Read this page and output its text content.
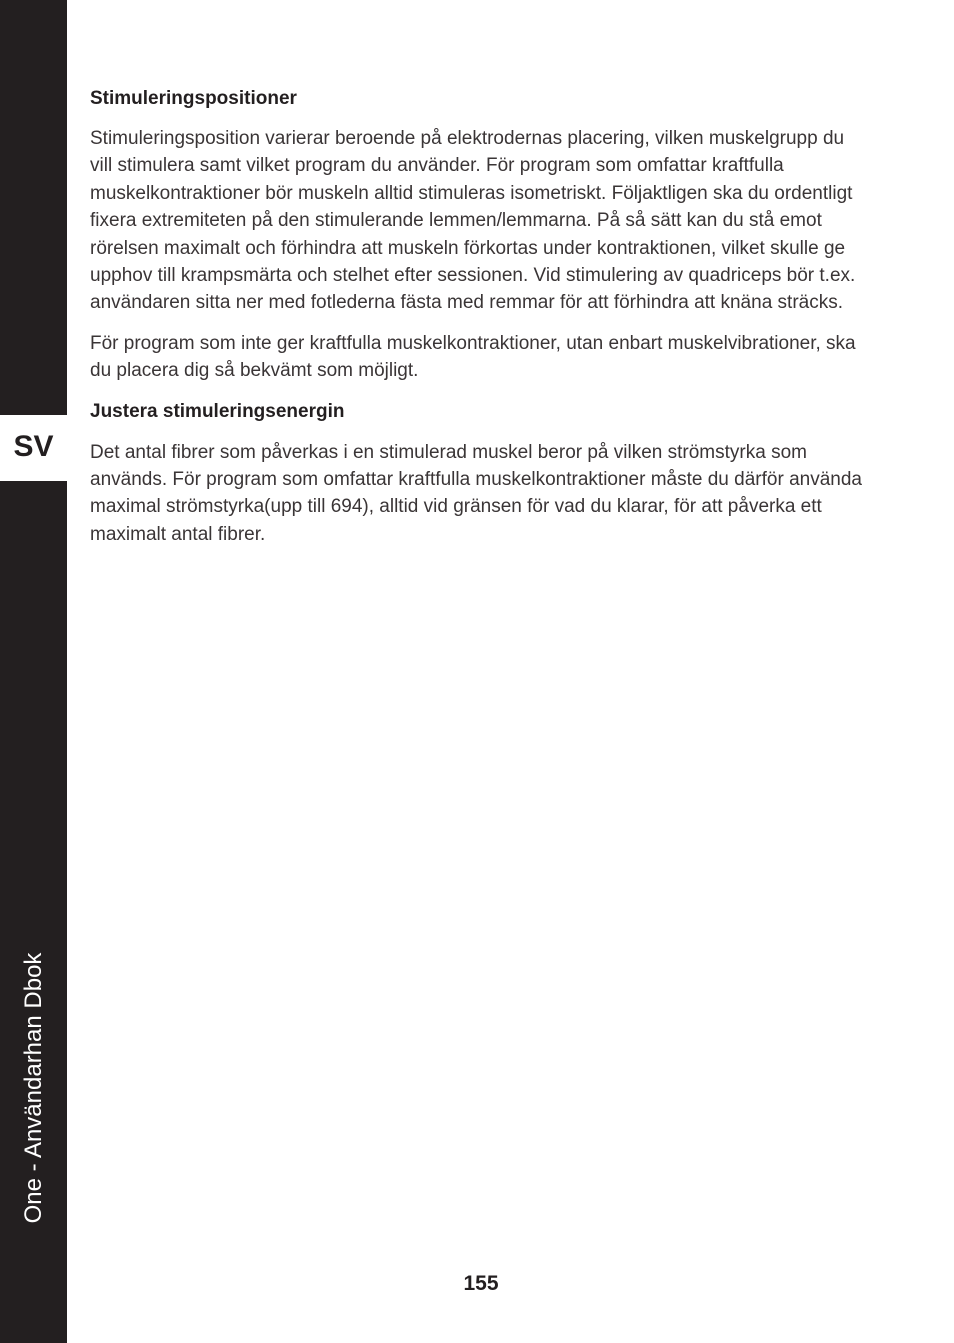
SV
One - Användarhan Dbok
Stimuleringspositioner

Stimuleringsposition varierar beroende på elektrodernas placering, vilken muskelgrupp du vill stimulera samt vilket program du använder. För program som omfattar kraftfulla muskelkontraktioner bör muskeln alltid stimuleras isometriskt. Följaktligen ska du ordentligt fixera extremiteten på den stimulerande lemmen/lemmarna. På så sätt kan du stå emot rörelsen maximalt och förhindra att muskeln förkortas under kontraktionen, vilket skulle ge upphov till krampsmärta och stelhet efter sessionen. Vid stimulering av quadriceps bör t.ex. användaren sitta ner med fotlederna fästa med remmar för att förhindra att knäna sträcks.

För program som inte ger kraftfulla muskelkontraktioner, utan enbart muskelvibrationer, ska du placera dig så bekvämt som möjligt.

Justera stimuleringsenergin

Det antal fibrer som påverkas i en stimulerad muskel beror på vilken strömstyrka som används. För program som omfattar kraftfulla muskelkontraktioner måste du därför använda maximal strömstyrka(upp till 694), alltid vid gränsen för vad du klarar, för att påverka ett maximalt antal fibrer.

155
